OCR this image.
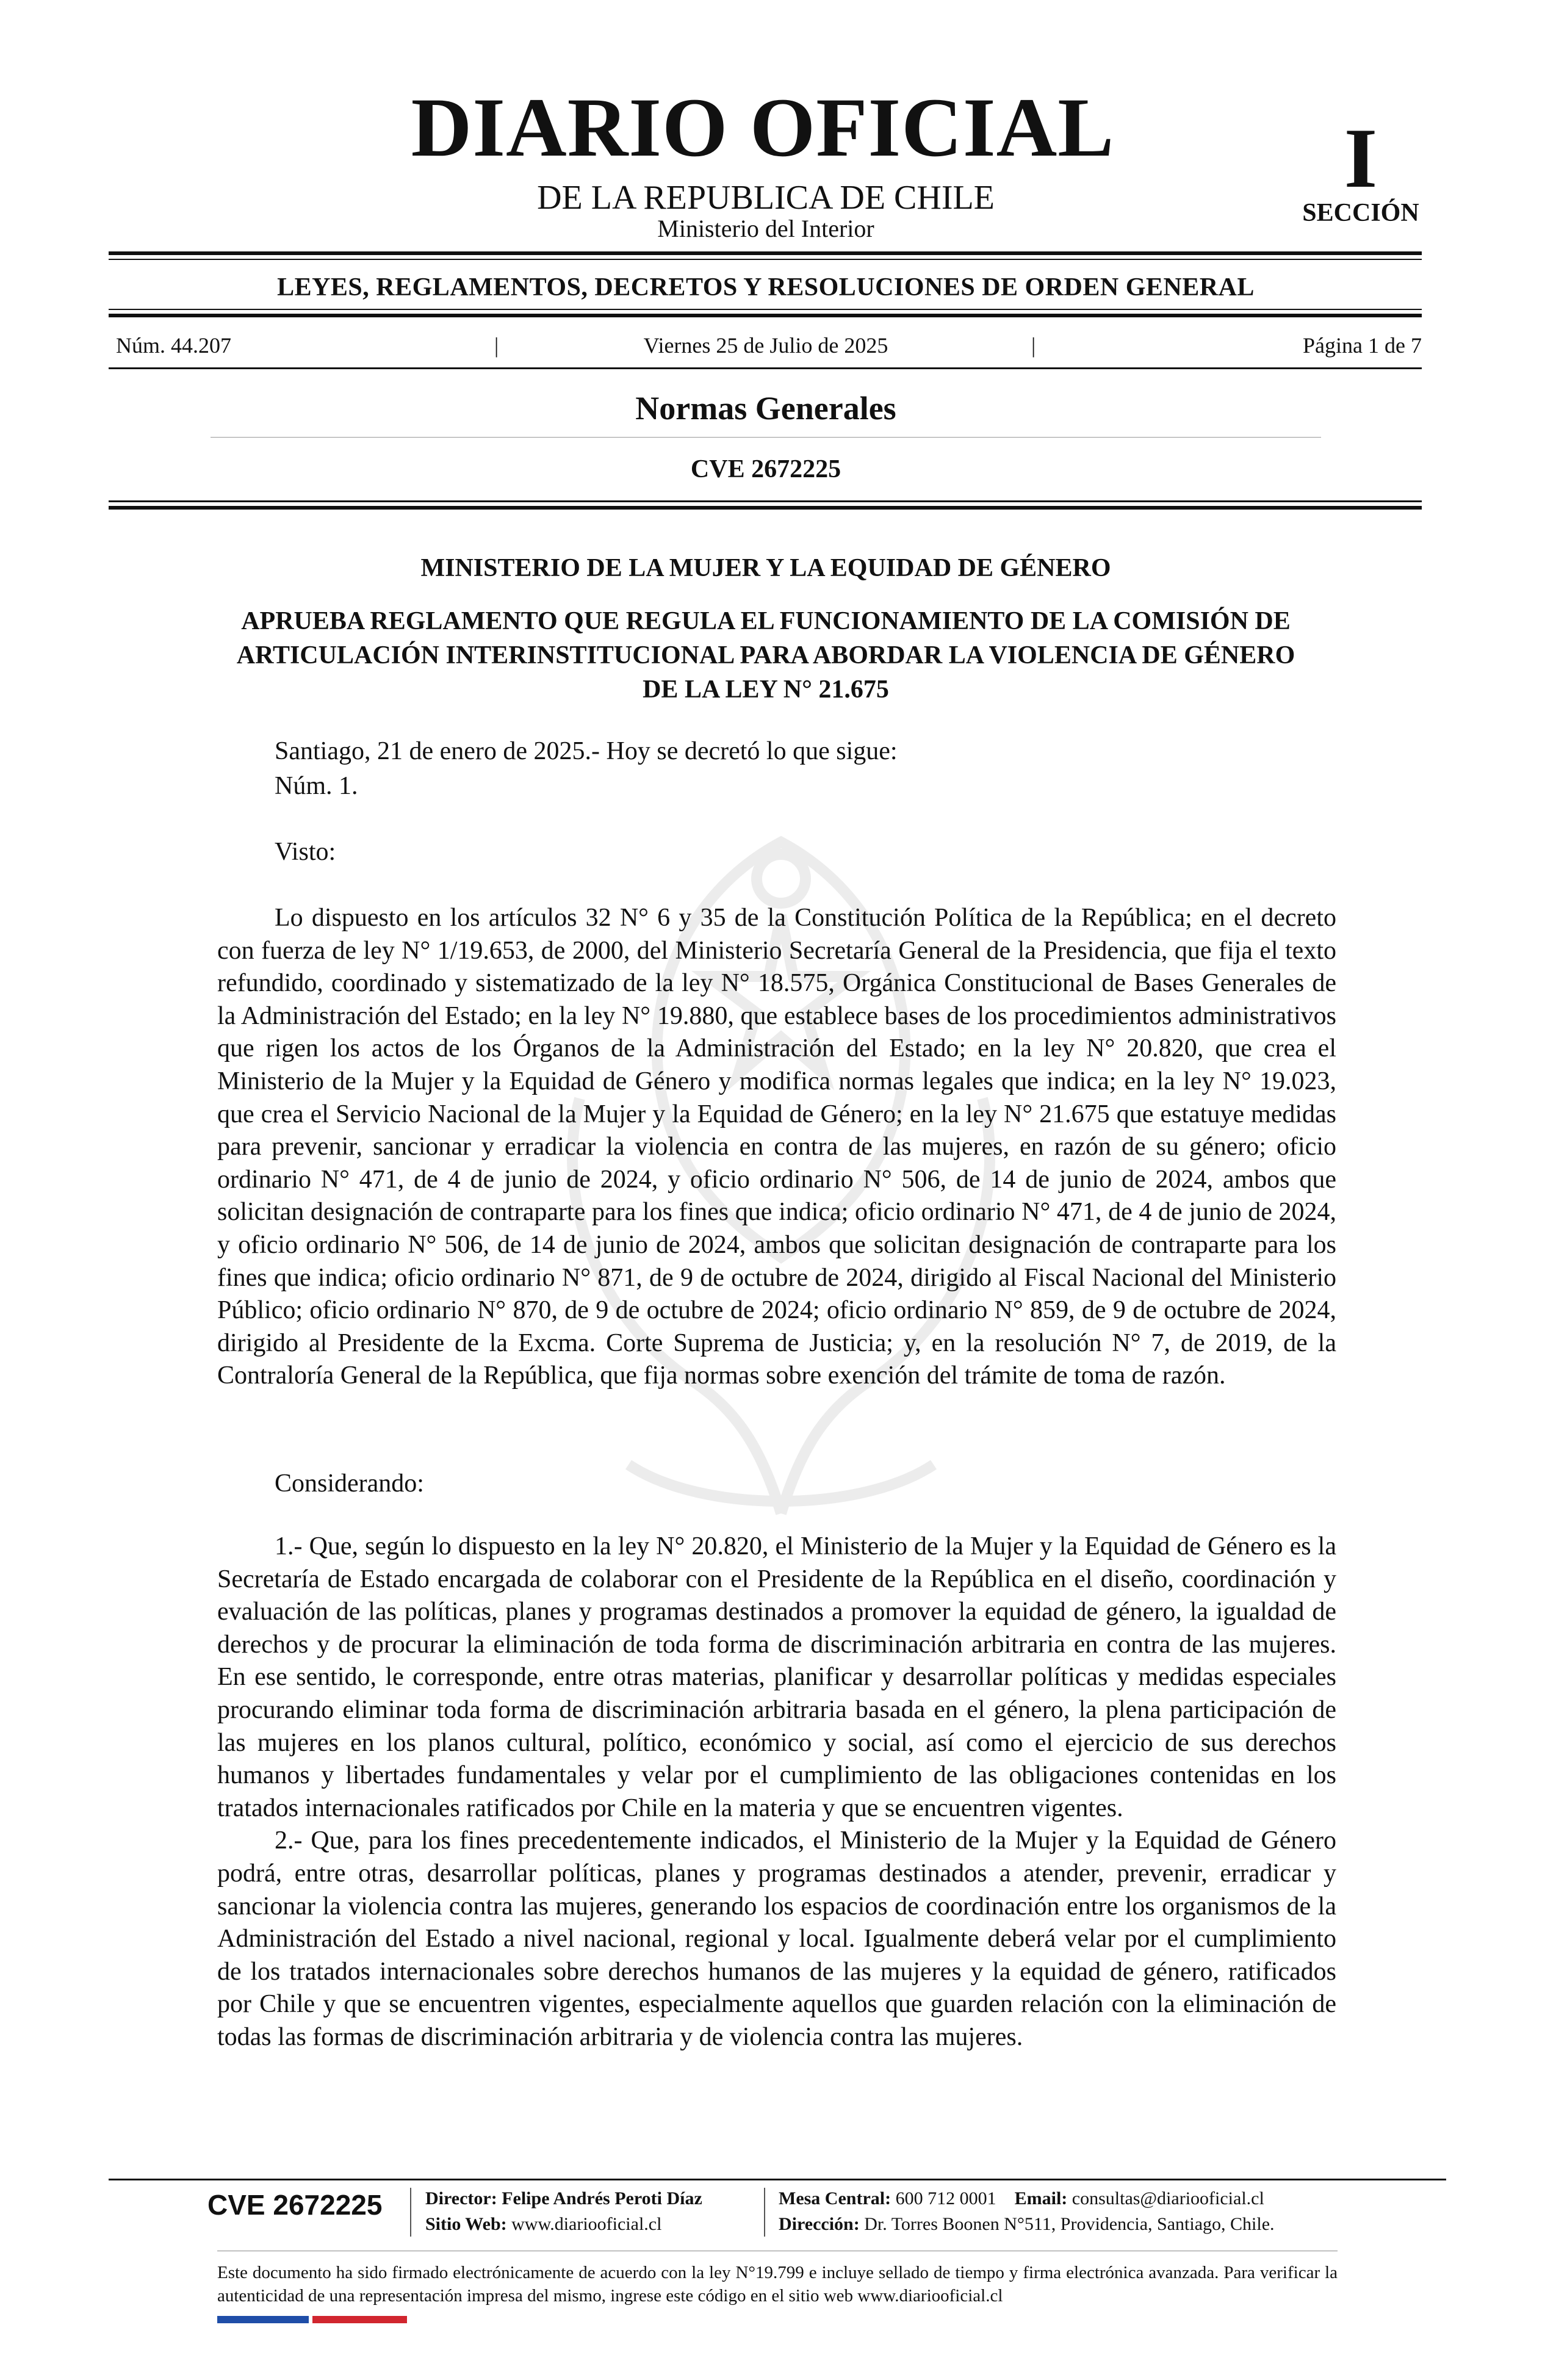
DIARIO OFICIAL
DE LA REPUBLICA DE CHILE
Ministerio del Interior
I
SECCIÓN
LEYES, REGLAMENTOS, DECRETOS Y RESOLUCIONES DE ORDEN GENERAL
Núm. 44.207	|	Viernes 25 de Julio de 2025	|	Página 1 de 7
Normas Generales
CVE 2672225
MINISTERIO DE LA MUJER Y LA EQUIDAD DE GÉNERO
APRUEBA REGLAMENTO QUE REGULA EL FUNCIONAMIENTO DE LA COMISIÓN DE ARTICULACIÓN INTERINSTITUCIONAL PARA ABORDAR LA VIOLENCIA DE GÉNERO DE LA LEY N° 21.675
Santiago, 21 de enero de 2025.- Hoy se decretó lo que sigue:
Núm. 1.
Visto:

Lo dispuesto en los artículos 32 N° 6 y 35 de la Constitución Política de la República; en el decreto con fuerza de ley N° 1/19.653, de 2000, del Ministerio Secretaría General de la Presidencia, que fija el texto refundido, coordinado y sistematizado de la ley N° 18.575, Orgánica Constitucional de Bases Generales de la Administración del Estado; en la ley N° 19.880, que establece bases de los procedimientos administrativos que rigen los actos de los Órganos de la Administración del Estado; en la ley N° 20.820, que crea el Ministerio de la Mujer y la Equidad de Género y modifica normas legales que indica; en la ley N° 19.023, que crea el Servicio Nacional de la Mujer y la Equidad de Género; en la ley N° 21.675 que estatuye medidas para prevenir, sancionar y erradicar la violencia en contra de las mujeres, en razón de su género; oficio ordinario N° 471, de 4 de junio de 2024, y oficio ordinario N° 506, de 14 de junio de 2024, ambos que solicitan designación de contraparte para los fines que indica; oficio ordinario N° 471, de 4 de junio de 2024, y oficio ordinario N° 506, de 14 de junio de 2024, ambos que solicitan designación de contraparte para los fines que indica; oficio ordinario N° 871, de 9 de octubre de 2024, dirigido al Fiscal Nacional del Ministerio Público; oficio ordinario N° 870, de 9 de octubre de 2024; oficio ordinario N° 859, de 9 de octubre de 2024, dirigido al Presidente de la Excma. Corte Suprema de Justicia; y, en la resolución N° 7, de 2019, de la Contraloría General de la República, que fija normas sobre exención del trámite de toma de razón.

Considerando:

1.- Que, según lo dispuesto en la ley N° 20.820, el Ministerio de la Mujer y la Equidad de Género es la Secretaría de Estado encargada de colaborar con el Presidente de la República en el diseño, coordinación y evaluación de las políticas, planes y programas destinados a promover la equidad de género, la igualdad de derechos y de procurar la eliminación de toda forma de discriminación arbitraria en contra de las mujeres. En ese sentido, le corresponde, entre otras materias, planificar y desarrollar políticas y medidas especiales procurando eliminar toda forma de discriminación arbitraria basada en el género, la plena participación de las mujeres en los planos cultural, político, económico y social, así como el ejercicio de sus derechos humanos y libertades fundamentales y velar por el cumplimiento de las obligaciones contenidas en los tratados internacionales ratificados por Chile en la materia y que se encuentren vigentes.

2.- Que, para los fines precedentemente indicados, el Ministerio de la Mujer y la Equidad de Género podrá, entre otras, desarrollar políticas, planes y programas destinados a atender, prevenir, erradicar y sancionar la violencia contra las mujeres, generando los espacios de coordinación entre los organismos de la Administración del Estado a nivel nacional, regional y local. Igualmente deberá velar por el cumplimiento de los tratados internacionales sobre derechos humanos de las mujeres y la equidad de género, ratificados por Chile y que se encuentren vigentes, especialmente aquellos que guarden relación con la eliminación de todas las formas de discriminación arbitraria y de violencia contra las mujeres.

CVE 2672225 Director: Felipe Andrés Peroti Díaz
Sitio Web: www.diariooficial.cl
Mesa Central: 600 712 0001 Email: consultas@diariooficial.cl
Dirección: Dr. Torres Boonen N°511, Providencia, Santiago, Chile.
Este documento ha sido firmado electrónicamente de acuerdo con la ley N°19.799 e incluye sellado de tiempo y firma electrónica avanzada. Para verificar la autenticidad de una representación impresa del mismo, ingrese este código en el sitio web www.diariooficial.cl
